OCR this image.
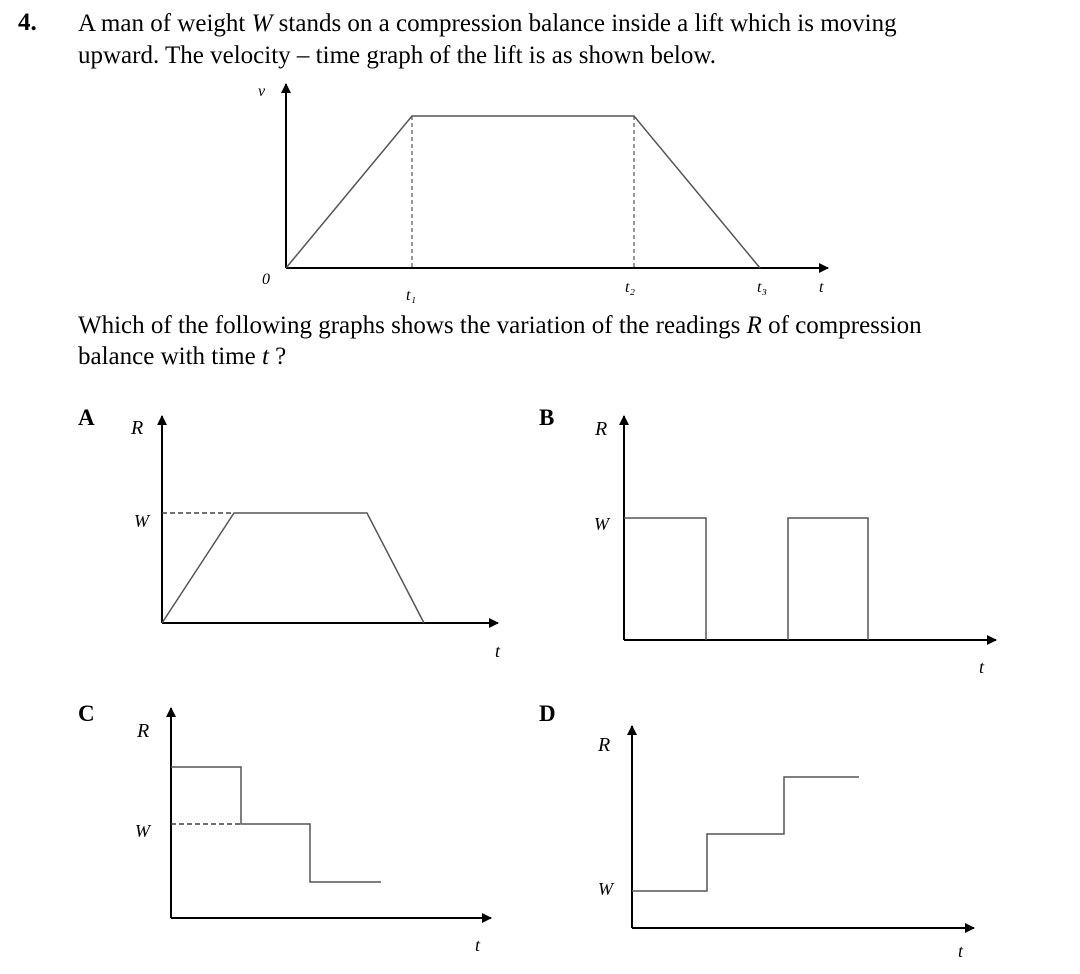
4. A man of weight W stands on a compression balance inside a lift which is moving
upward. The velocity – time graph of the lift is as shown below.
Which of the following graphs shows the variation of the readings R of compression
balance with time t ?
A	B
C	D
v
0
t₁	t₂	t₃	t
R
W
t
R
W
t
R
W
t
R
W
t
